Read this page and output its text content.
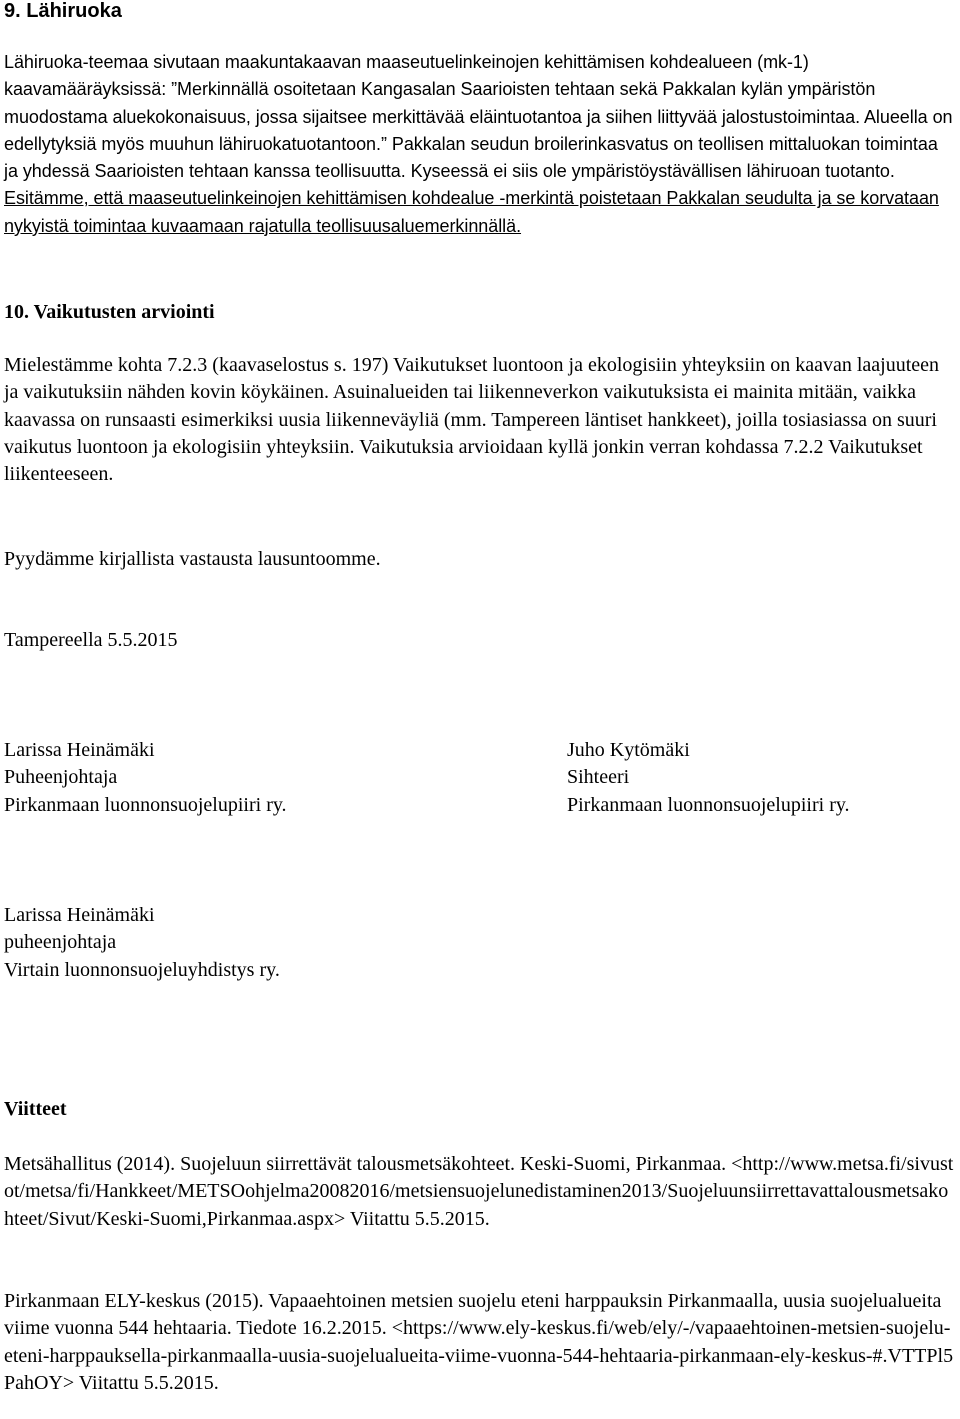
9. Lähiruoka

Lähiruoka-teemaa sivutaan maakuntakaavan maaseutuelinkeinojen kehittämisen kohdealueen (mk-1) kaavamääräyksissä: ”Merkinnällä osoitetaan Kangasalan Saarioisten tehtaan sekä Pakkalan kylän ympäristön muodostama aluekokonaisuus, jossa sijaitsee merkittävää eläintuotantoa ja siihen liittyvää jalostustoimintaa. Alueella on edellytyksiä myös muuhun lähiruokatuotantoon.” Pakkalan seudun broilerinkasvatus on teollisen mittaluokan toimintaa ja yhdessä Saarioisten tehtaan kanssa teollisuutta. Kyseessä ei siis ole ympäristöystävällisen lähiruoan tuotanto. Esitämme, että maaseutuelinkeinojen kehittämisen kohdealue -merkintä poistetaan Pakkalan seudulta ja se korvataan nykyistä toimintaa kuvaamaan rajatulla teollisuusaluemerkinnällä.

10. Vaikutusten arviointi

Mielestämme kohta 7.2.3 (kaavaselostus s. 197) Vaikutukset luontoon ja ekologisiin yhteyksiin on kaavan laajuuteen ja vaikutuksiin nähden kovin köykäinen. Asuinalueiden tai liikenneverkon vaikutuksista ei mainita mitään, vaikka kaavassa on runsaasti esimerkiksi uusia liikenneväyliä (mm. Tampereen läntiset hankkeet), joilla tosiasiassa on suuri vaikutus luontoon ja ekologisiin yhteyksiin. Vaikutuksia arvioidaan kyllä jonkin verran kohdassa 7.2.2 Vaikutukset liikenteeseen.

Pyydämme kirjallista vastausta lausuntoomme.

Tampereella 5.5.2015

Larissa Heinämäki
Puheenjohtaja
Pirkanmaan luonnonsuojelupiiri ry.
Juho Kytömäki
Sihteeri
Pirkanmaan luonnonsuojelupiiri ry.
Larissa Heinämäki
puheenjohtaja
Virtain luonnonsuojeluyhdistys ry.
Viitteet

Metsähallitus (2014). Suojeluun siirrettävät talousmetsäkohteet. Keski-Suomi, Pirkanmaa. <http://www.metsa.fi/sivustot/metsa/fi/Hankkeet/METSOohjelma20082016/metsiensuojelunedistaminen2013/Suojeluunsiirrettavattalousmetsakohteet/Sivut/Keski-Suomi,Pirkanmaa.aspx> Viitattu 5.5.2015.

Pirkanmaan ELY-keskus (2015). Vapaaehtoinen metsien suojelu eteni harppauksin Pirkanmaalla, uusia suojelualueita viime vuonna 544 hehtaaria. Tiedote 16.2.2015. <https://www.ely-keskus.fi/web/ely/-/vapaaehtoinen-metsien-suojelu-eteni-harppauksella-pirkanmaalla-uusia-suojelualueita-viime-vuonna-544-hehtaaria-pirkanmaan-ely-keskus-#.VTTPl5PahOY> Viitattu 5.5.2015.
